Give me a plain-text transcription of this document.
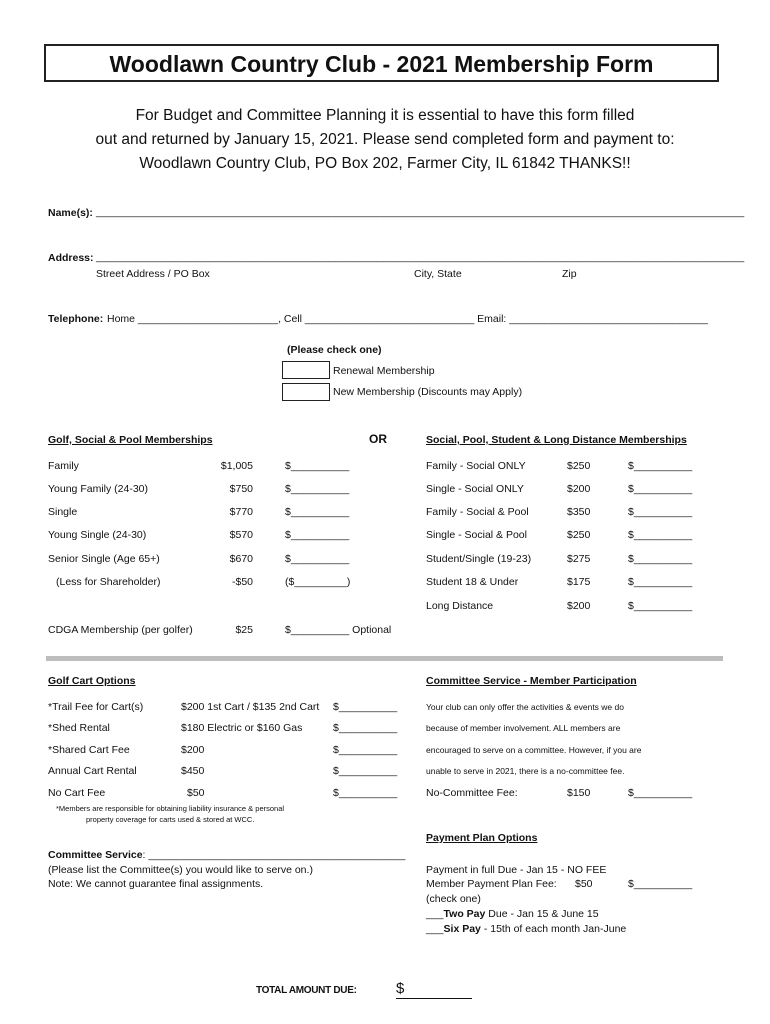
Woodlawn Country Club - 2021 Membership Form
For Budget and Committee Planning it is essential to have this form filled
out and returned by January 15, 2021. Please send completed form and payment to:
Woodlawn Country Club, PO Box 202, Farmer City, IL 61842 THANKS!!
Name(s): _______________________________________________________________________________________________________________
Address: _______________________________________________________________________________________________________________
Street Address / PO Box	City, State	Zip
Telephone: Home ________________________, Cell _____________________________ Email: __________________________________
(Please check one)
Renewal Membership
New Membership (Discounts may Apply)
Golf, Social & Pool Memberships	OR
Family	$1,005	$__________
Young Family (24-30)	$750	$__________
Single	$770	$__________
Young Single (24-30)	$570	$__________
Senior Single (Age 65+)	$670	$__________
(Less for Shareholder)	-$50	($_________)
CDGA Membership (per golfer)	$25	$__________ Optional
Social, Pool, Student & Long Distance Memberships
Family - Social ONLY	$250	$__________
Single - Social ONLY	$200	$__________
Family - Social & Pool	$350	$__________
Single - Social & Pool	$250	$__________
Student/Single (19-23)	$275	$__________
Student 18 & Under	$175	$__________
Long Distance	$200	$__________
Golf Cart Options
*Trail Fee for Cart(s)	$200 1st Cart / $135 2nd Cart $__________
*Shed Rental	$180 Electric or $160 Gas	$__________
*Shared Cart Fee	$200	$__________
Annual Cart Rental	$450	$__________
No Cart Fee	$50	$__________
*Members are responsible for obtaining liability insurance & personal
property coverage for carts used & stored at WCC.
Committee Service - Member Participation
Your club can only offer the activities & events we do
because of member involvement. ALL members are
encouraged to serve on a committee. However, if you are
unable to serve in 2021, there is a no-committee fee.
No-Committee Fee:	$150	$__________
Committee Service: ____________________________________________
(Please list the Committee(s) you would like to serve on.)
Note: We cannot guarantee final assignments.
Payment Plan Options
Payment in full Due - Jan 15 - NO FEE
Member Payment Plan Fee: $50	$__________
(check one)
___Two Pay Due - Jan 15 & June 15
___Six Pay - 15th of each month Jan-June
TOTAL AMOUNT DUE:	$
